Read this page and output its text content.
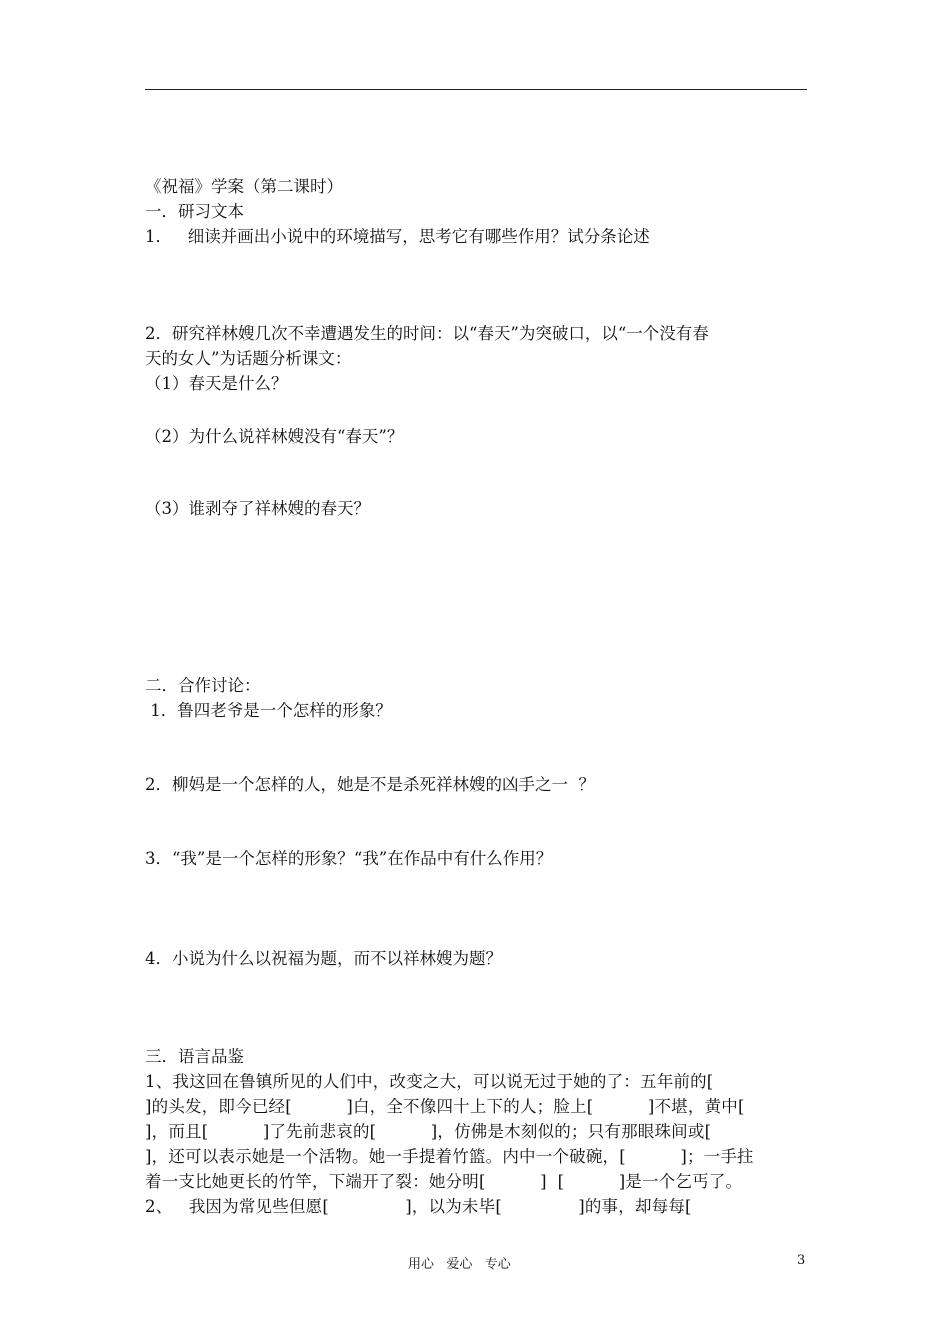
《祝福》学案（第二课时）
一．研习文本
1．   细读并画出小说中的环境描写，思考它有哪些作用？试分条论述
2．研究祥林嫂几次不幸遭遇发生的时间：以“春天”为突破口，以“一个没有春
天的女人”为话题分析课文：
（1）春天是什么？
（2）为什么说祥林嫂没有“春天”？
（3）谁剥夺了祥林嫂的春天？
二．合作讨论：
1．鲁四老爷是一个怎样的形象？
2．柳妈是一个怎样的人，她是不是杀死祥林嫂的凶手之一  ？
3．“我”是一个怎样的形象？“我”在作品中有什么作用？
4．小说为什么以祝福为题，而不以祥林嫂为题？
三．语言品鉴
1、我这回在鲁镇所见的人们中，改变之大，可以说无过于她的了：五年前的[
]的头发，即今已经[          ]白，全不像四十上下的人；脸上[          ]不堪，黄中[
]，而且[          ]了先前悲哀的[          ]，仿佛是木刻似的；只有那眼珠间或[
]，还可以表示她是一个活物。她一手提着竹篮。内中一个破碗，[          ]；一手拄
着一支比她更长的竹竿，下端开了裂：她分明[          ]  [          ]是一个乞丐了。
2、   我因为常见些但愿[              ]，以为未毕[              ]的事，却每每[
用心   爱心   专心	3
